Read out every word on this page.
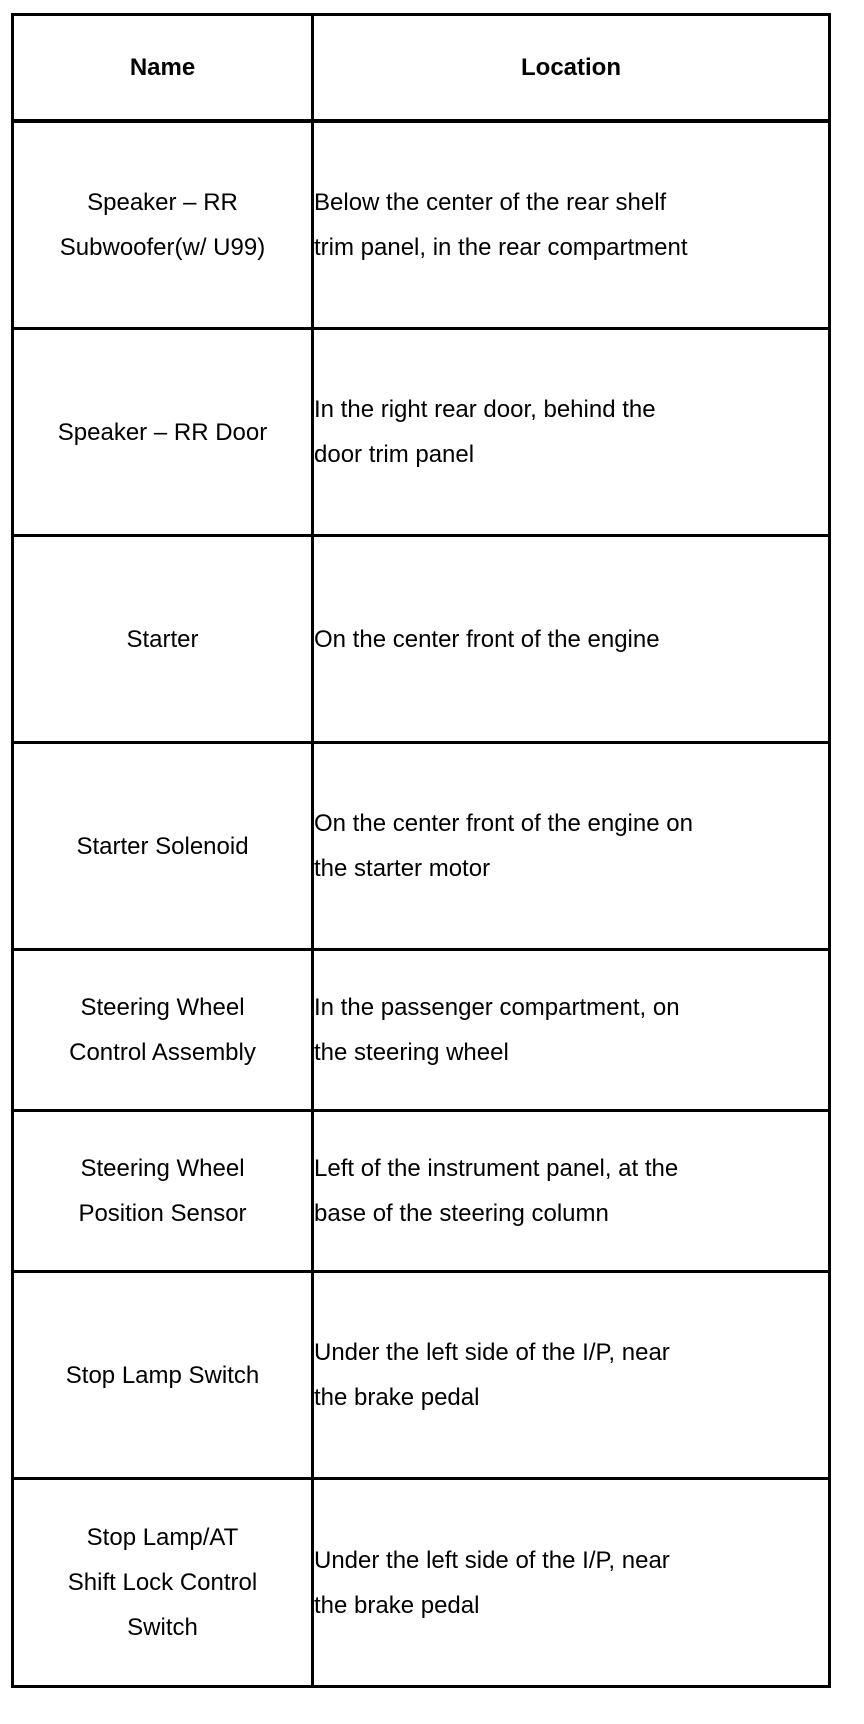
Name	Location
Speaker – RR
Subwoofer(w/ U99)	Below the center of the rear shelf
trim panel, in the rear compartment
Speaker – RR Door	In the right rear door, behind the
door trim panel
Starter	On the center front of the engine
Starter Solenoid	On the center front of the engine on
the starter motor
Steering Wheel
Control Assembly	In the passenger compartment, on
the steering wheel
Steering Wheel
Position Sensor	Left of the instrument panel, at the
base of the steering column
Stop Lamp Switch	Under the left side of the I/P, near
the brake pedal
Stop Lamp/AT
Shift Lock Control
Switch	Under the left side of the I/P, near
the brake pedal
